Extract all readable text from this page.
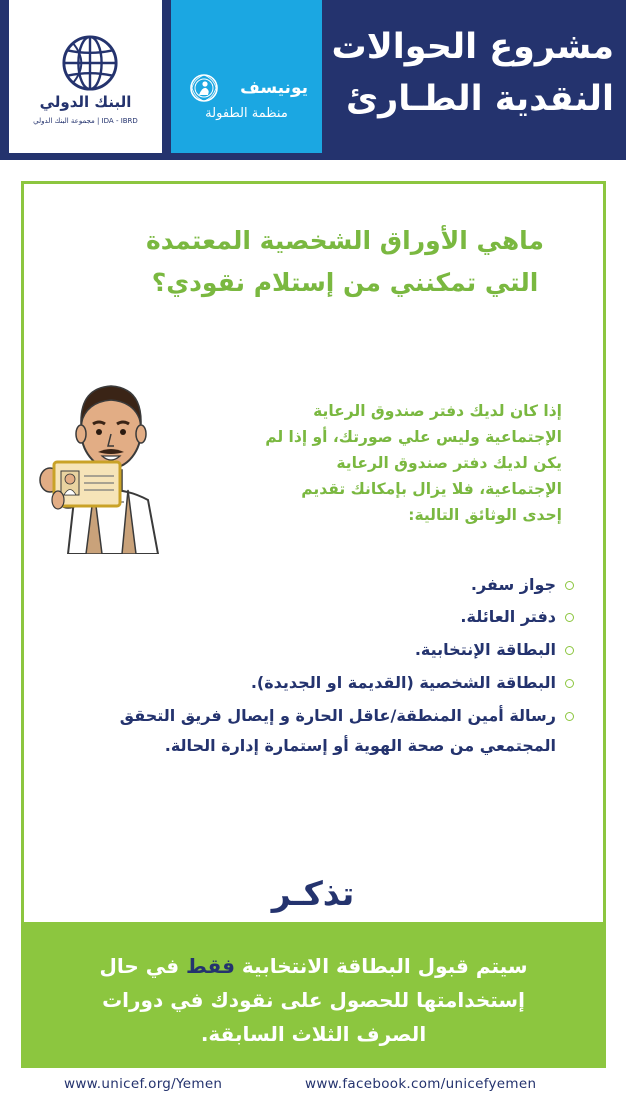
البنك الدولي
IDA - IBRD | مجموعة البنك الدولي
يونيسف
منظمة الطفولة
مشروع الحوالات
النقدية الطـارئ
ماهي الأوراق الشخصية المعتمدة
التي تمكنني من إستلام نقودي؟
إذا كان لديك دفتر صندوق الرعاية
الإجتماعية وليس علي صورتك، أو إذا لم
يكن لديك دفتر صندوق الرعاية
الإجتماعية، فلا يزال بإمكانك تقديم
إحدى الوثائق التالية:
جواز سفر.
دفتر العائلة.
البطاقة الإنتخابية.
البطاقة الشخصية (القديمة او الجديدة).
رسالة أمين المنطقة/عاقل الحارة و إيصال فريق التحقق
المجتمعي من صحة الهوية أو إستمارة إدارة الحالة.
تذكـر
سيتم قبول البطاقة الانتخابية فقط في حال
إستخدامتها للحصول على نقودك في دورات
الصرف الثلاث السابقة.
www.unicef.org/Yemen	www.facebook.com/unicefyemen
